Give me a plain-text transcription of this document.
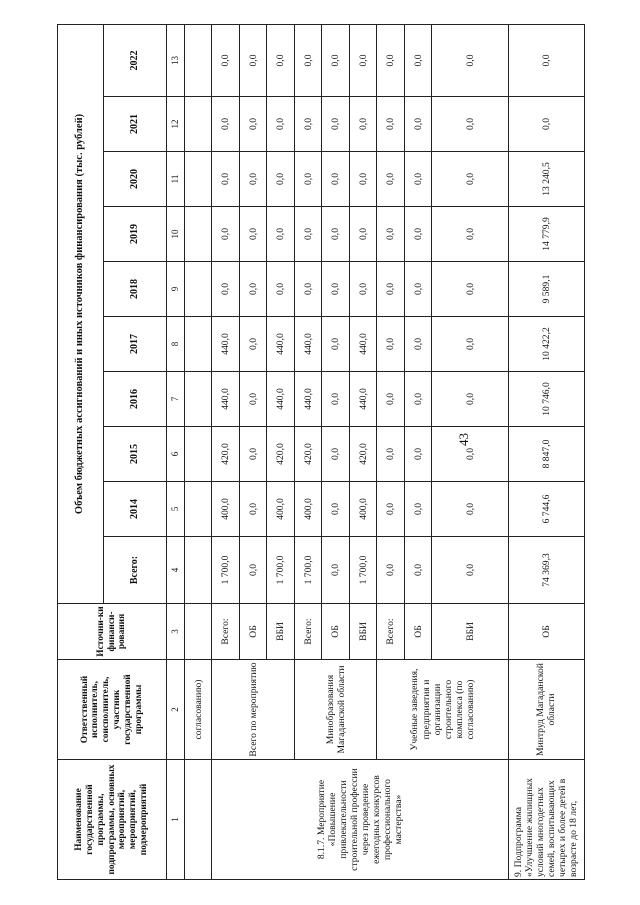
43
Наименование государственной программы, подпрограммы, основных мероприятий, мероприятий, подмероприятий	Ответственный исполнитель, соисполнитель, участник государственной программы	Источни-ки финанси-рования	Объем бюджетных ассигнований и иных источников финансирования (тыс. рублей)									
			Всего:	2014	2015	2016	2017	2018	2019	2020	2021	2022
1	2	3	4	5	6	7	8	9	10	11	12	13
	согласованию)											
8.1.7. Мероприятие «Повышение привлекательности строительной профессии через проведение ежегодных конкурсов профессионального мастерства»	Всего по мероприятию	Всего:	1 700,0	400,0	420,0	440,0	440,0	0,0	0,0	0,0	0,0	0,0
		ОБ	0,0	0,0	0,0	0,0	0,0	0,0	0,0	0,0	0,0	0,0
		ВБИ	1 700,0	400,0	420,0	440,0	440,0	0,0	0,0	0,0	0,0	0,0
	Минобразования Магаданской области	Всего:	1 700,0	400,0	420,0	440,0	440,0	0,0	0,0	0,0	0,0	0,0
		ОБ	0,0	0,0	0,0	0,0	0,0	0,0	0,0	0,0	0,0	0,0
		ВБИ	1 700,0	400,0	420,0	440,0	440,0	0,0	0,0	0,0	0,0	0,0
	Учебные заведения, предприятия и организации строительного комплекса (по согласованию)	Всего:	0,0	0,0	0,0	0,0	0,0	0,0	0,0	0,0	0,0	0,0
		ОБ	0,0	0,0	0,0	0,0	0,0	0,0	0,0	0,0	0,0	0,0
		ВБИ	0,0	0,0	0,0	0,0	0,0	0,0	0,0	0,0	0,0	0,0
9. Подпрограмма «Улучшение жилищных условий многодетных семей, воспитывающих четырех и более детей в возрасте до 18 лет,	Минтруд Магаданской области	ОБ	74 369,3	6 744,6	8 847,0	10 746,0	10 422,2	9 589,1	14 779,9	13 240,5	0,0	0,0
